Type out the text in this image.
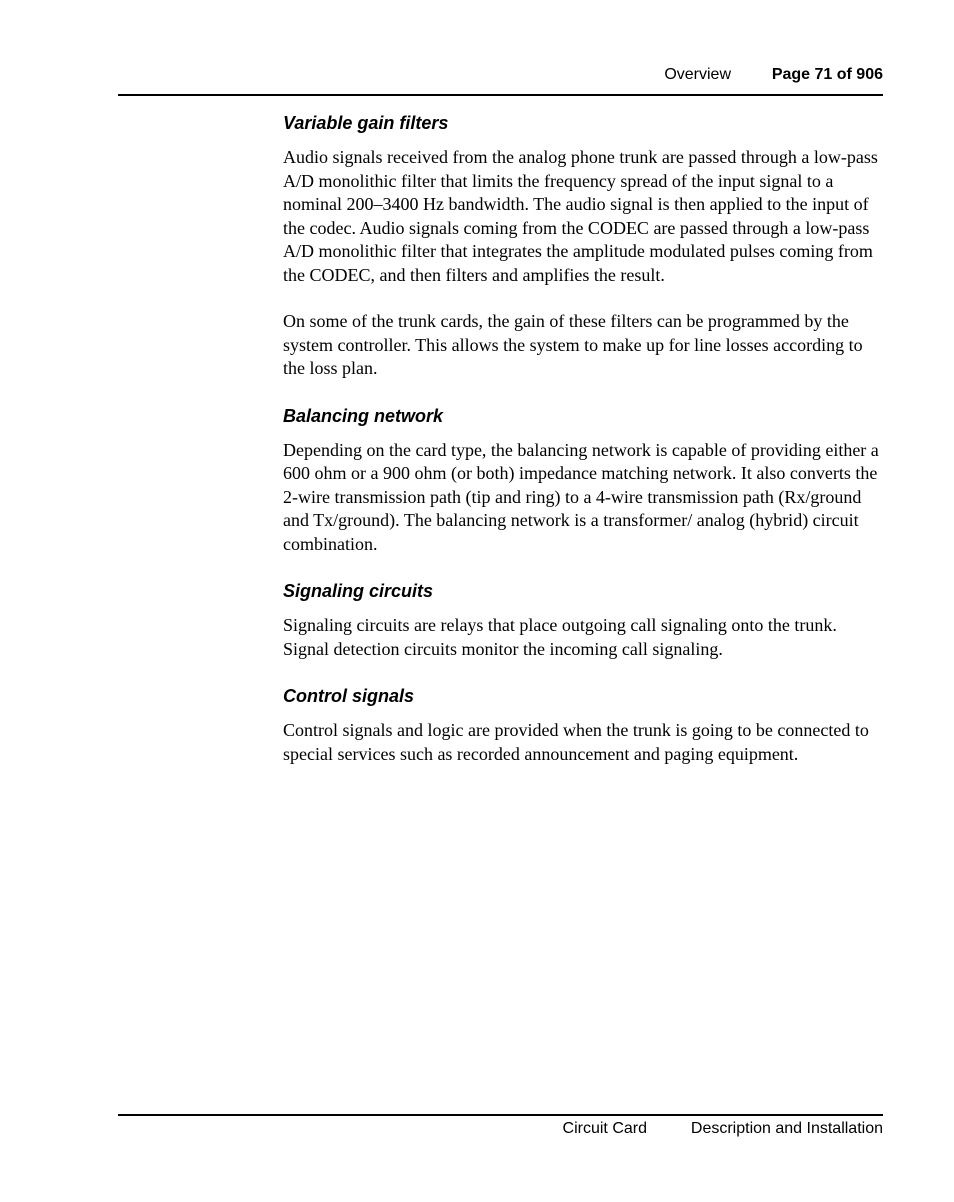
Overview	Page 71 of 906
Variable gain filters

Audio signals received from the analog phone trunk are passed through a low-pass A/D monolithic filter that limits the frequency spread of the input signal to a nominal 200–3400 Hz bandwidth. The audio signal is then applied to the input of the codec. Audio signals coming from the CODEC are passed through a low-pass A/D monolithic filter that integrates the amplitude modulated pulses coming from the CODEC, and then filters and amplifies the result.

On some of the trunk cards, the gain of these filters can be programmed by the system controller. This allows the system to make up for line losses according to the loss plan.

Balancing network

Depending on the card type, the balancing network is capable of providing either a 600 ohm or a 900 ohm (or both) impedance matching network. It also converts the 2-wire transmission path (tip and ring) to a 4-wire transmission path (Rx/ground and Tx/ground). The balancing network is a transformer/ analog (hybrid) circuit combination.

Signaling circuits

Signaling circuits are relays that place outgoing call signaling onto the trunk. Signal detection circuits monitor the incoming call signaling.

Control signals

Control signals and logic are provided when the trunk is going to be connected to special services such as recorded announcement and paging equipment.

Circuit Card	Description and Installation
